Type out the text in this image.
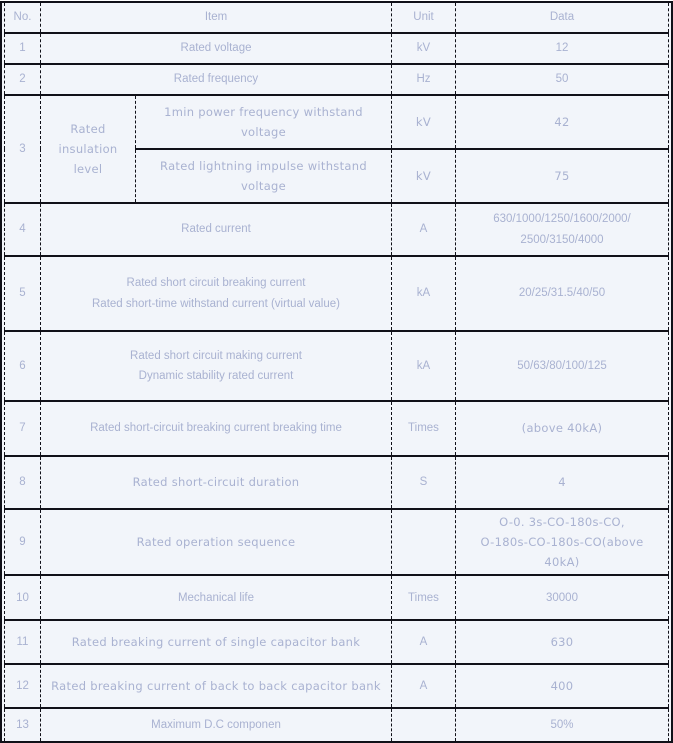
No.	Item		Unit	Data
1	Rated voltage		kV	12
2	Rated frequency		Hz	50
3	Rated insulation level	1min power frequency withstand voltage	kV	42
		Rated lightning impulse withstand voltage	kV	75
4	Rated current		A	630/1000/1250/1600/2000/
2500/3150/4000

5	Rated short circuit breaking current
Rated short-time withstand current (virtual value)		kA	20/25/31.5/40/50
6	Rated short circuit making current
Dynamic stability rated current		kA	50/63/80/100/125
7	Rated short-circuit breaking current breaking time		Times	(above 40kA)
8	Rated short-circuit duration		S	4
9	Rated operation sequence			O-0. 3s-CO-180s-CO,
O-180s-CO-180s-CO(above 40kA)

10	Mechanical life		Times	30000
11	Rated breaking current of single capacitor bank		A	630
12	Rated breaking current of back to back capacitor bank		A	400
13	Maximum D.C componen			50%
